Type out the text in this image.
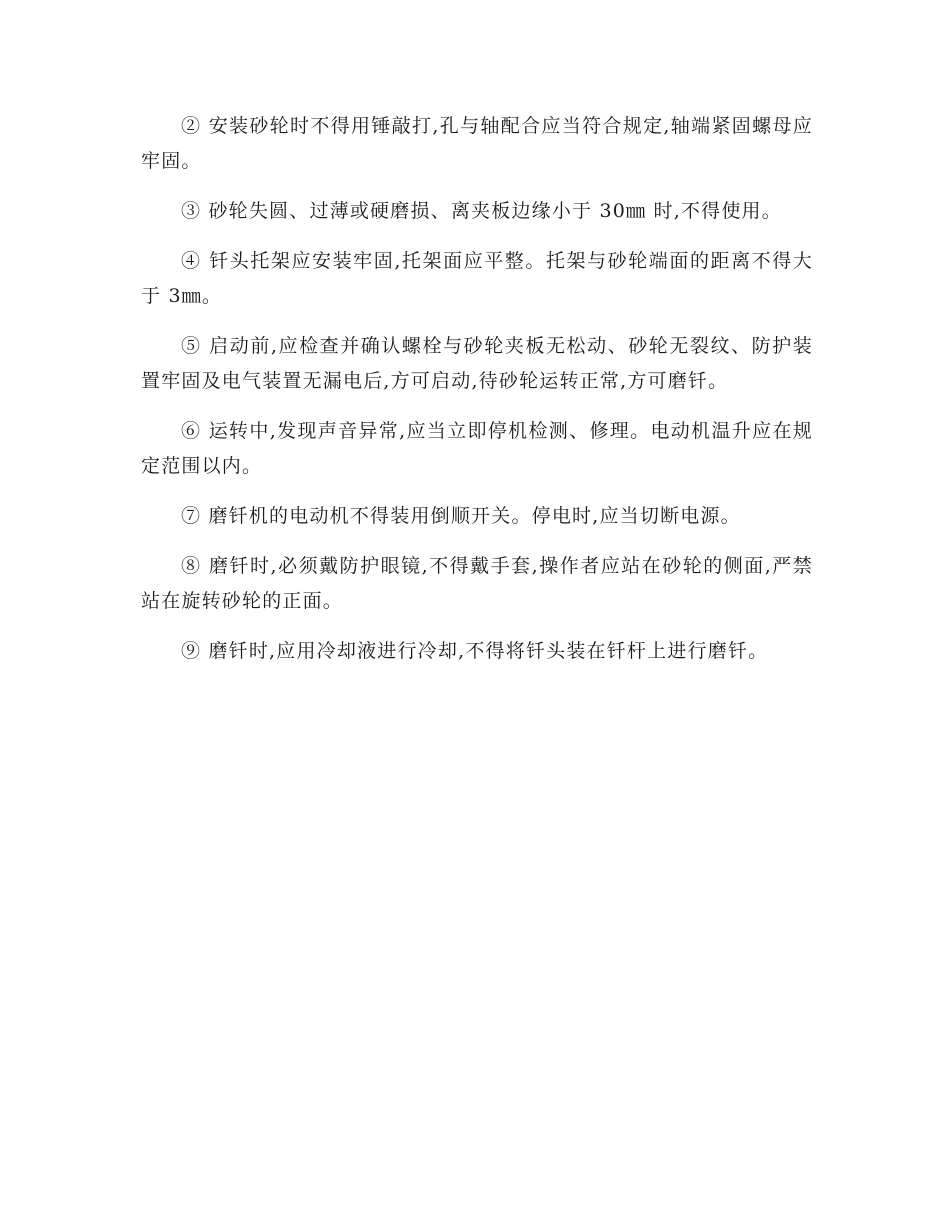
② 安装砂轮时不得用锤敲打,孔与轴配合应当符合规定,轴端紧固螺母应牢固。

③ 砂轮失圆、过薄或硬磨损、离夹板边缘小于 30㎜ 时,不得使用。

④ 钎头托架应安装牢固,托架面应平整。托架与砂轮端面的距离不得大于 3㎜。

⑤ 启动前,应检查并确认螺栓与砂轮夹板无松动、砂轮无裂纹、防护装置牢固及电气装置无漏电后,方可启动,待砂轮运转正常,方可磨钎。

⑥ 运转中,发现声音异常,应当立即停机检测、修理。电动机温升应在规定范围以内。

⑦ 磨钎机的电动机不得装用倒顺开关。停电时,应当切断电源。

⑧ 磨钎时,必须戴防护眼镜,不得戴手套,操作者应站在砂轮的侧面,严禁站在旋转砂轮的正面。

⑨ 磨钎时,应用冷却液进行冷却,不得将钎头装在钎杆上进行磨钎。
